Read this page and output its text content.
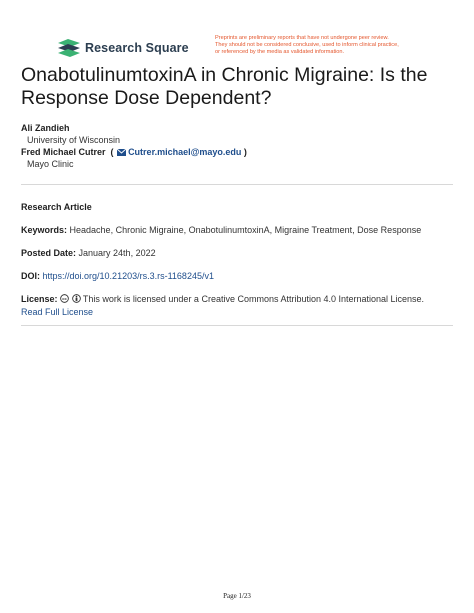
Research Square
Preprints are preliminary reports that have not undergone peer review.
They should not be considered conclusive, used to inform clinical practice,
or referenced by the media as validated information.
OnabotulinumtoxinA in Chronic Migraine: Is the Response Dose Dependent?
Ali Zandieh
University of Wisconsin
Fred Michael Cutrer  ( Cutrer.michael@mayo.edu )
Mayo Clinic
Research Article
Keywords: Headache, Chronic Migraine, OnabotulinumtoxinA, Migraine Treatment, Dose Response
Posted Date: January 24th, 2022
DOI: https://doi.org/10.21203/rs.3.rs-1168245/v1
License: cc This work is licensed under a Creative Commons Attribution 4.0 International License.
Read Full License
Page 1/23
